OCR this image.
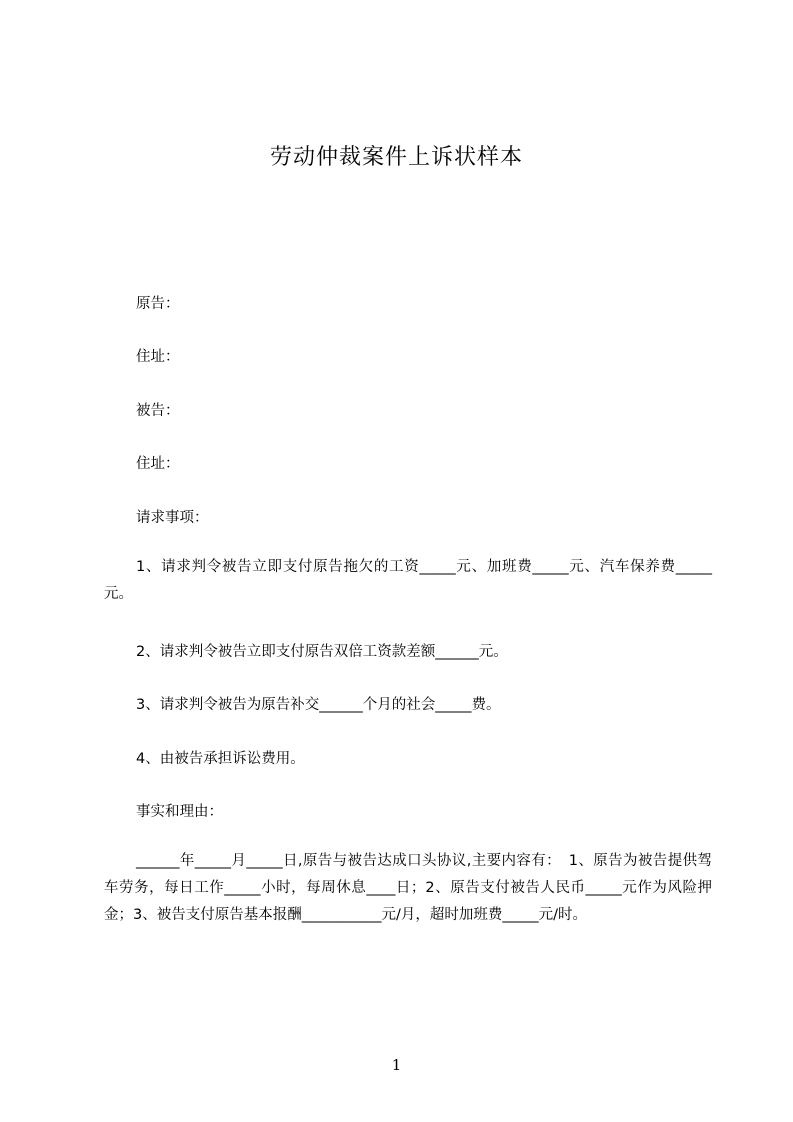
劳动仲裁案件上诉状样本
原告：
住址：
被告：
住址：
请求事项：
1、请求判令被告立即支付原告拖欠的工资_____元、加班费_____元、汽车保养费_____元。
2、请求判令被告立即支付原告双倍工资款差额______元。
3、请求判令被告为原告补交______个月的社会_____费。
4、由被告承担诉讼费用。
事实和理由：
______年_____月_____日,原告与被告达成口头协议,主要内容有：　1、原告为被告提供驾车劳务，每日工作_____小时，每周休息____日；2、原告支付被告人民币_____元作为风险押金；3、被告支付原告基本报酬___________元/月，超时加班费_____元/时。
1
